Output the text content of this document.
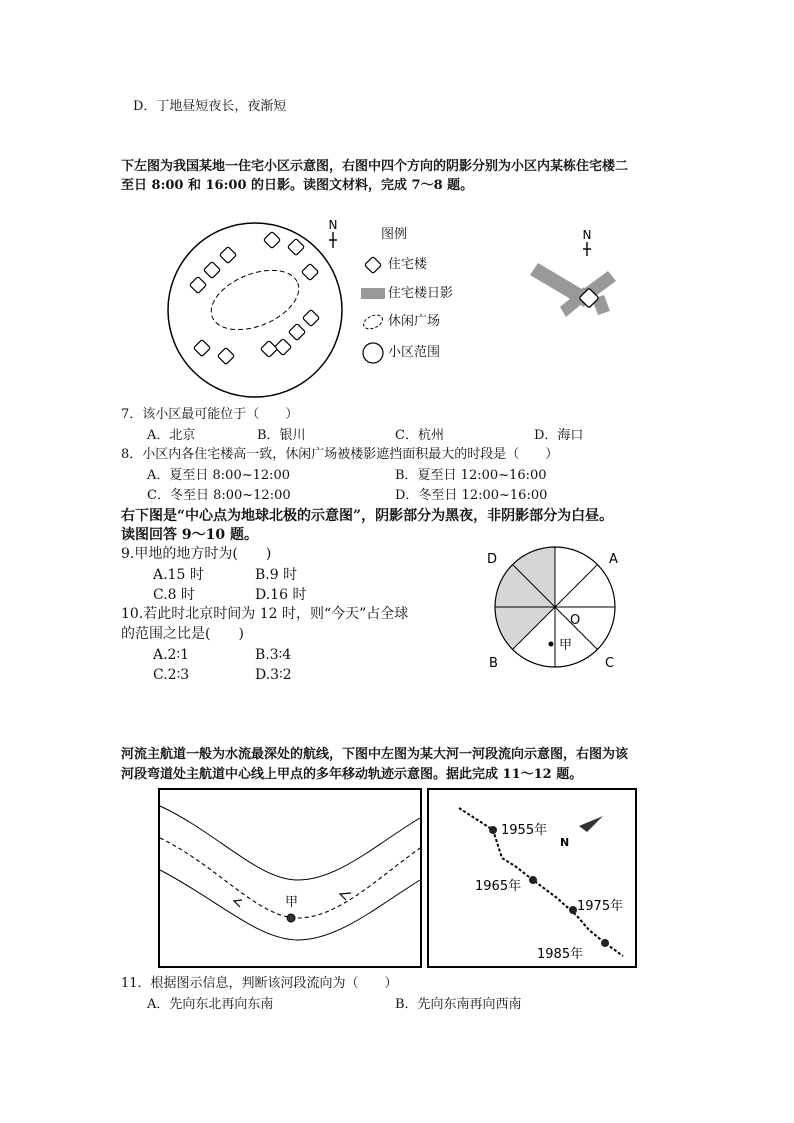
D．丁地昼短夜长，夜渐短
下左图为我国某地一住宅小区示意图，右图中四个方向的阴影分别为小区内某栋住宅楼二
至日 8:00 和 16:00 的日影。读图文材料，完成 7～8 题。
N
图例
住宅楼
住宅楼日影
休闲广场
小区范围
N
7．该小区最可能位于（　　）
A．北京	B．银川	C．杭州	D．海口
8．小区内各住宅楼高一致，休闲广场被楼影遮挡面积最大的时段是（　　）
A．夏至日 8:00~12:00	B．夏至日 12:00~16:00
C．冬至日 8:00~12:00	D．冬至日 12:00~16:00
右下图是“中心点为地球北极的示意图”，阴影部分为黑夜，非阴影部分为白昼。
读图回答 9～10 题。
9.甲地的地方时为(　　)
A.15 时	B.9 时
C.8 时	D.16 时
10.若此时北京时间为 12 时，则“今天”占全球
的范围之比是(　　)
A.2∶1	B.3∶4
C.2∶3	D.3∶2
甲
O
D	A
B	C
河流主航道一般为水流最深处的航线，下图中左图为某大河一河段流向示意图，右图为该
河段弯道处主航道中心线上甲点的多年移动轨迹示意图。据此完成 11～12 题。
甲
1955年
1965年
1975年
1985年
N
11．根据图示信息，判断该河段流向为（　　）
A．先向东北再向东南	B．先向东南再向西南
